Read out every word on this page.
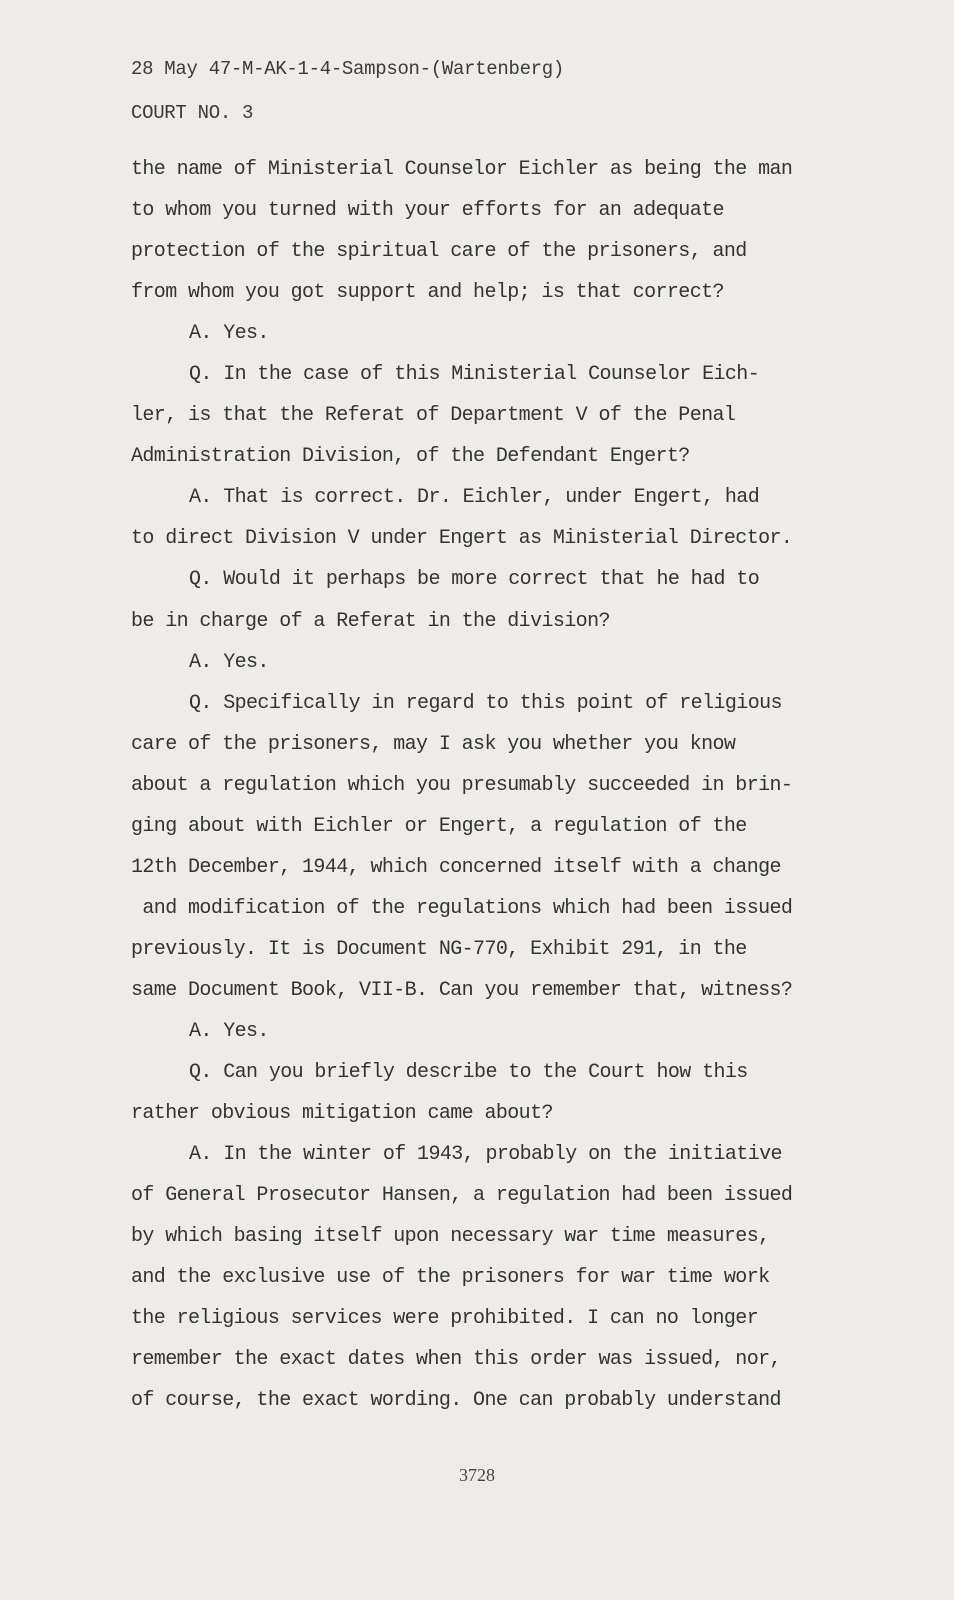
28 May 47-M-AK-1-4-Sampson-(Wartenberg)
COURT NO. 3
the name of Ministerial Counselor Eichler as being the man
to whom you turned with your efforts for an adequate
protection of the spiritual care of the prisoners, and
from whom you got support and help; is that correct?
A. Yes.
Q. In the case of this Ministerial Counselor Eich-
ler, is that the Referat of Department V of the Penal
Administration Division, of the Defendant Engert?
A. That is correct. Dr. Eichler, under Engert, had
to direct Division V under Engert as Ministerial Director.
Q. Would it perhaps be more correct that he had to
be in charge of a Referat in the division?
A. Yes.
Q. Specifically in regard to this point of religious
care of the prisoners, may I ask you whether you know
about a regulation which you presumably succeeded in brin-
ging about with Eichler or Engert, a regulation of the
12th December, 1944, which concerned itself with a change
and modification of the regulations which had been issued
previously. It is Document NG-770, Exhibit 291, in the
same Document Book, VII-B. Can you remember that, witness?
A. Yes.
Q. Can you briefly describe to the Court how this
rather obvious mitigation came about?
A. In the winter of 1943, probably on the initiative
of General Prosecutor Hansen, a regulation had been issued
by which basing itself upon necessary war time measures,
and the exclusive use of the prisoners for war time work
the religious services were prohibited. I can no longer
remember the exact dates when this order was issued, nor,
of course, the exact wording. One can probably understand
3728
